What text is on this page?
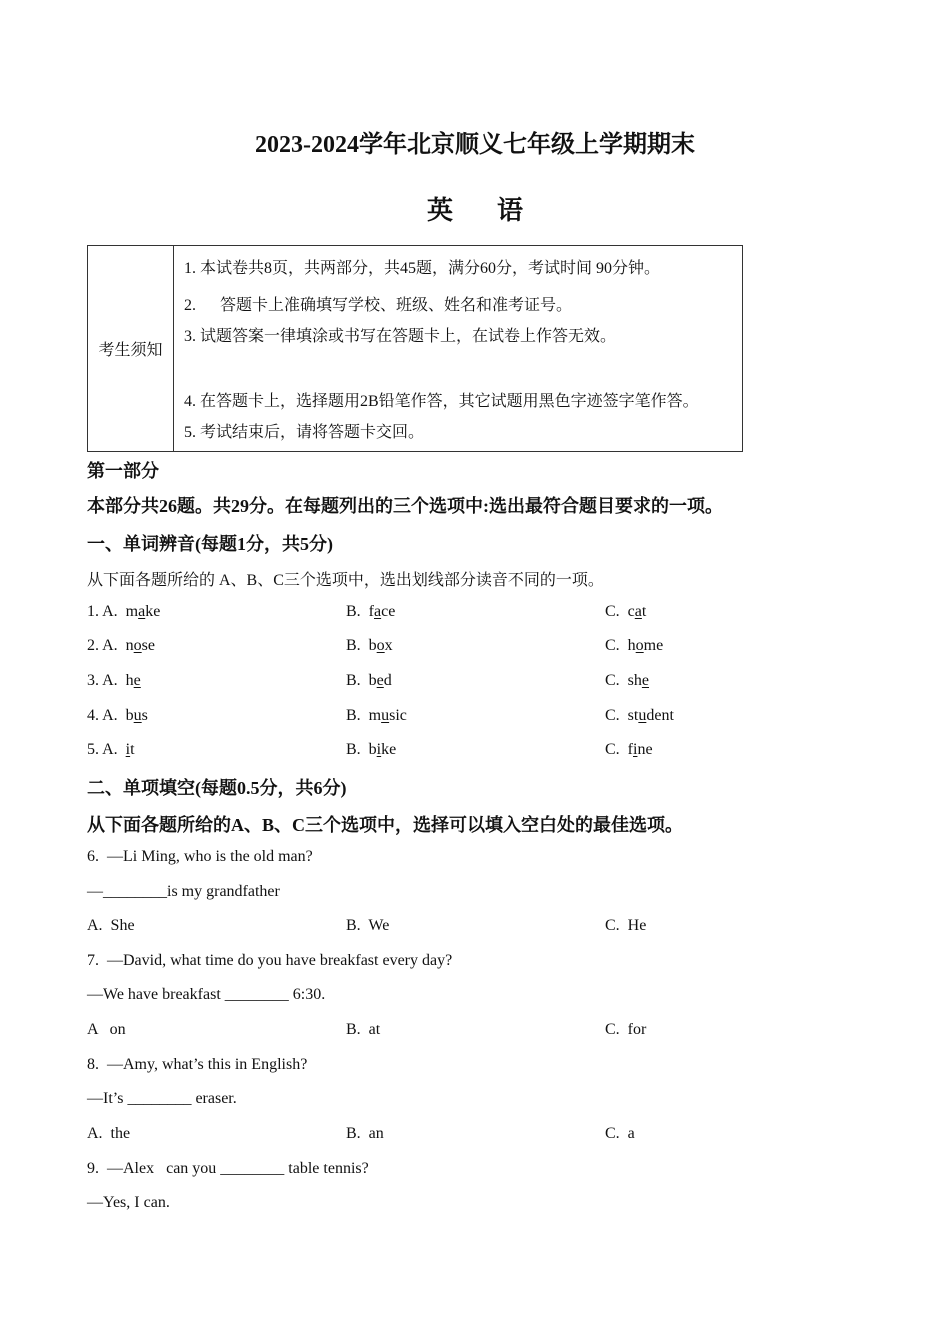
2023-2024学年北京顺义七年级上学期期末
英语
考生须知
1. 本试卷共8页，共两部分，共45题，满分60分，考试时间 90分钟。
2.      答题卡上准确填写学校、班级、姓名和准考证号。
3. 试题答案一律填涂或书写在答题卡上，在试卷上作答无效。
4. 在答题卡上，选择题用2B铅笔作答，其它试题用黑色字迹签字笔作答。
5. 考试结束后，请将答题卡交回。
第一部分
本部分共26题。共29分。在每题列出的三个选项中:选出最符合题目要求的一项。
一、单词辨音(每题1分，共5分)
从下面各题所给的 A、B、C三个选项中，选出划线部分读音不同的一项。
1. A. make	B. face	C. cat
2. A. nose	B. box	C. home
3. A. he	B. bed	C. she
4. A. bus	B. music	C. student
5. A. it	B. bike	C. fine
二、单项填空(每题0.5分，共6分)
从下面各题所给的A、B、C三个选项中，选择可以填入空白处的最佳选项。
6.  —Li Ming, who is the old man?
—________is my grandfather
A.  She	B.  We	C.  He
7.  —David, what time do you have breakfast every day?
—We have breakfast ________ 6:30.
A   on	B.  at	C.  for
8.  —Amy, what’s this in English?
—It’s ________ eraser.
A.  the	B.  an	C.  a
9.  —Alex   can you ________ table tennis?
—Yes, I can.
